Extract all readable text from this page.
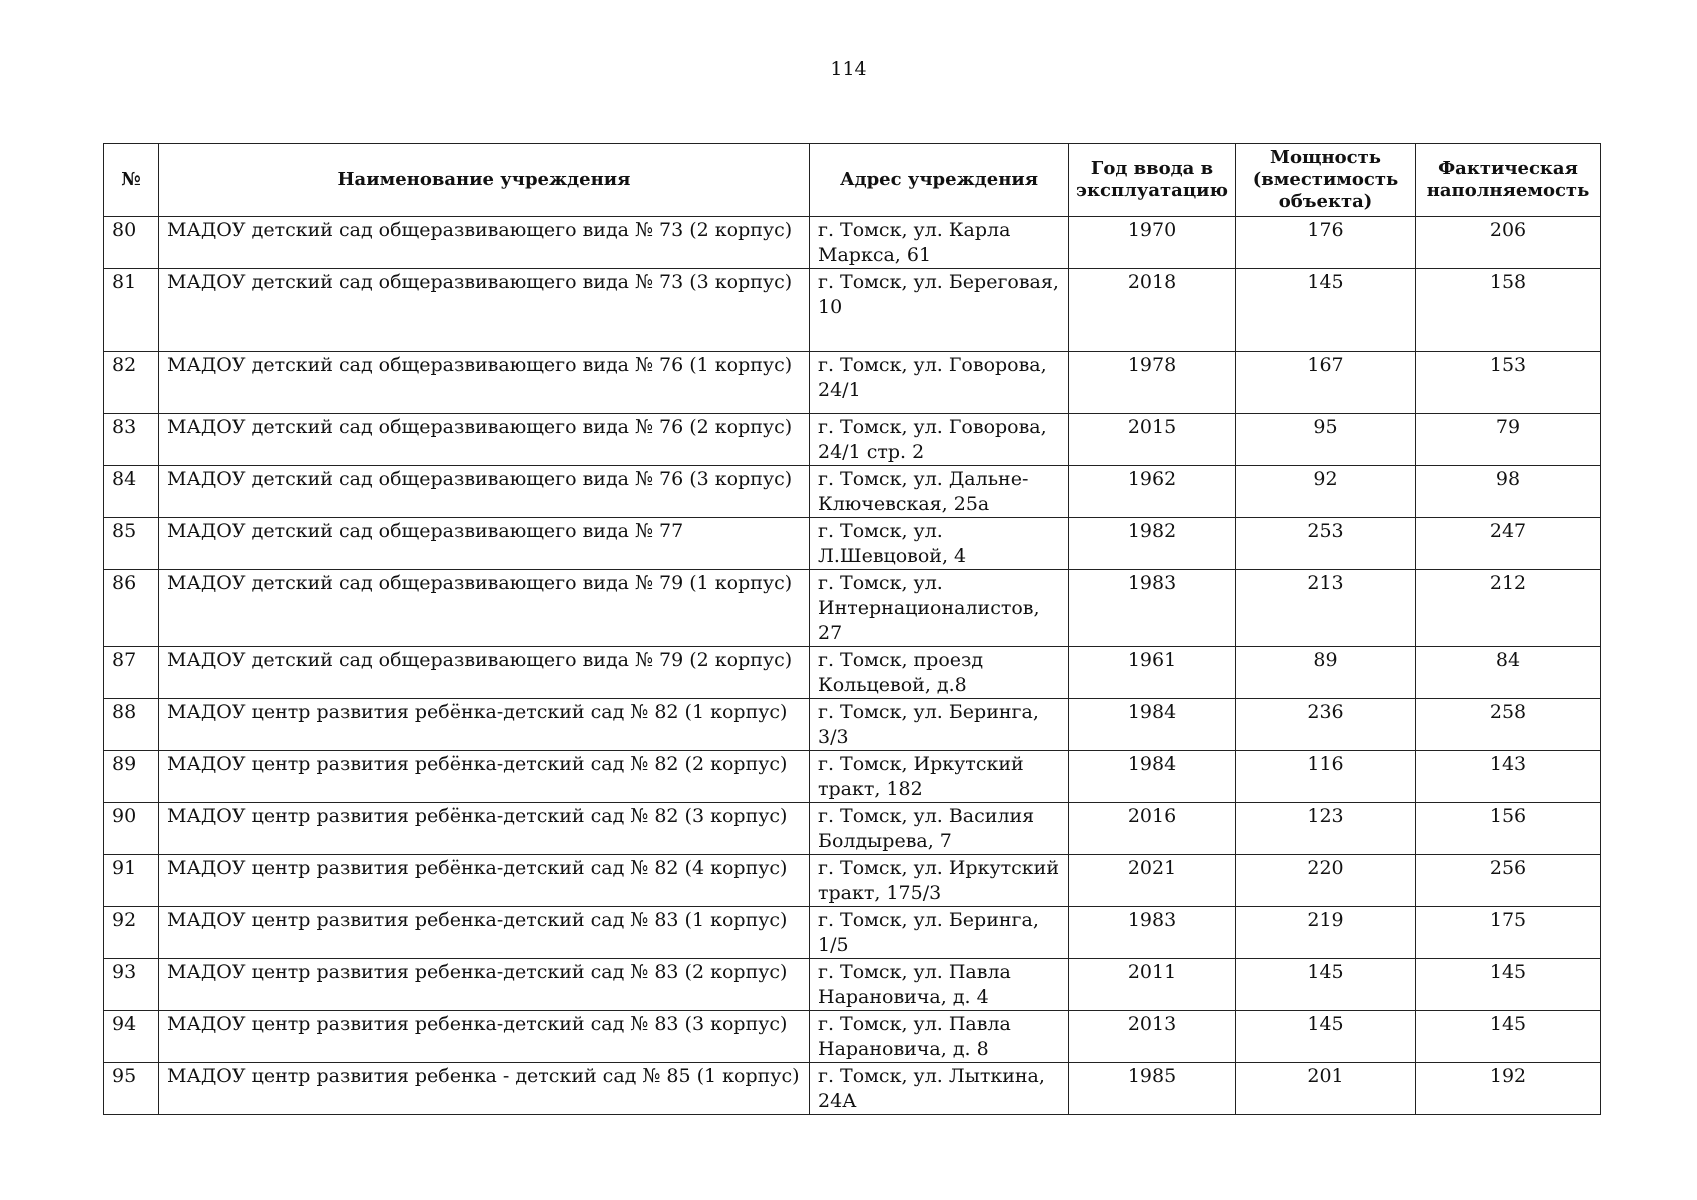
114
№	Наименование учреждения	Адрес учреждения	Год ввода в эксплуатацию	Мощность (вместимость объекта)	Фактическая наполняемость
80	МАДОУ детский сад общеразвивающего вида № 73 (2 корпус)	г. Томск, ул. Карла Маркса, 61	1970	176	206
81	МАДОУ детский сад общеразвивающего вида № 73 (3 корпус)	г. Томск, ул. Береговая, 10	2018	145	158
82	МАДОУ детский сад общеразвивающего вида № 76 (1 корпус)	г. Томск, ул. Говорова, 24/1	1978	167	153
83	МАДОУ детский сад общеразвивающего вида № 76 (2 корпус)	г. Томск, ул. Говорова, 24/1 стр. 2	2015	95	79
84	МАДОУ детский сад общеразвивающего вида № 76 (3 корпус)	г. Томск, ул. Дальне-Ключевская, 25а	1962	92	98
85	МАДОУ детский сад общеразвивающего вида № 77	г. Томск, ул. Л.Шевцовой, 4	1982	253	247
86	МАДОУ детский сад общеразвивающего вида № 79 (1 корпус)	г. Томск, ул. Интернационалистов, 27	1983	213	212
87	МАДОУ детский сад общеразвивающего вида № 79 (2 корпус)	г. Томск, проезд Кольцевой, д.8	1961	89	84
88	МАДОУ центр развития ребёнка-детский сад № 82 (1 корпус)	г. Томск, ул. Беринга, 3/3	1984	236	258
89	МАДОУ центр развития ребёнка-детский сад № 82 (2 корпус)	г. Томск, Иркутский тракт, 182	1984	116	143
90	МАДОУ центр развития ребёнка-детский сад № 82 (3 корпус)	г. Томск, ул. Василия Болдырева, 7	2016	123	156
91	МАДОУ центр развития ребёнка-детский сад № 82 (4 корпус)	г. Томск, ул. Иркутский тракт, 175/3	2021	220	256
92	МАДОУ центр развития ребенка-детский сад № 83 (1 корпус)	г. Томск, ул. Беринга, 1/5	1983	219	175
93	МАДОУ центр развития ребенка-детский сад № 83 (2 корпус)	г. Томск, ул. Павла Нарановича, д. 4	2011	145	145
94	МАДОУ центр развития ребенка-детский сад № 83 (3 корпус)	г. Томск, ул. Павла Нарановича, д. 8	2013	145	145
95	МАДОУ центр развития ребенка - детский сад № 85 (1 корпус)	г. Томск, ул. Лыткина, 24А	1985	201	192
